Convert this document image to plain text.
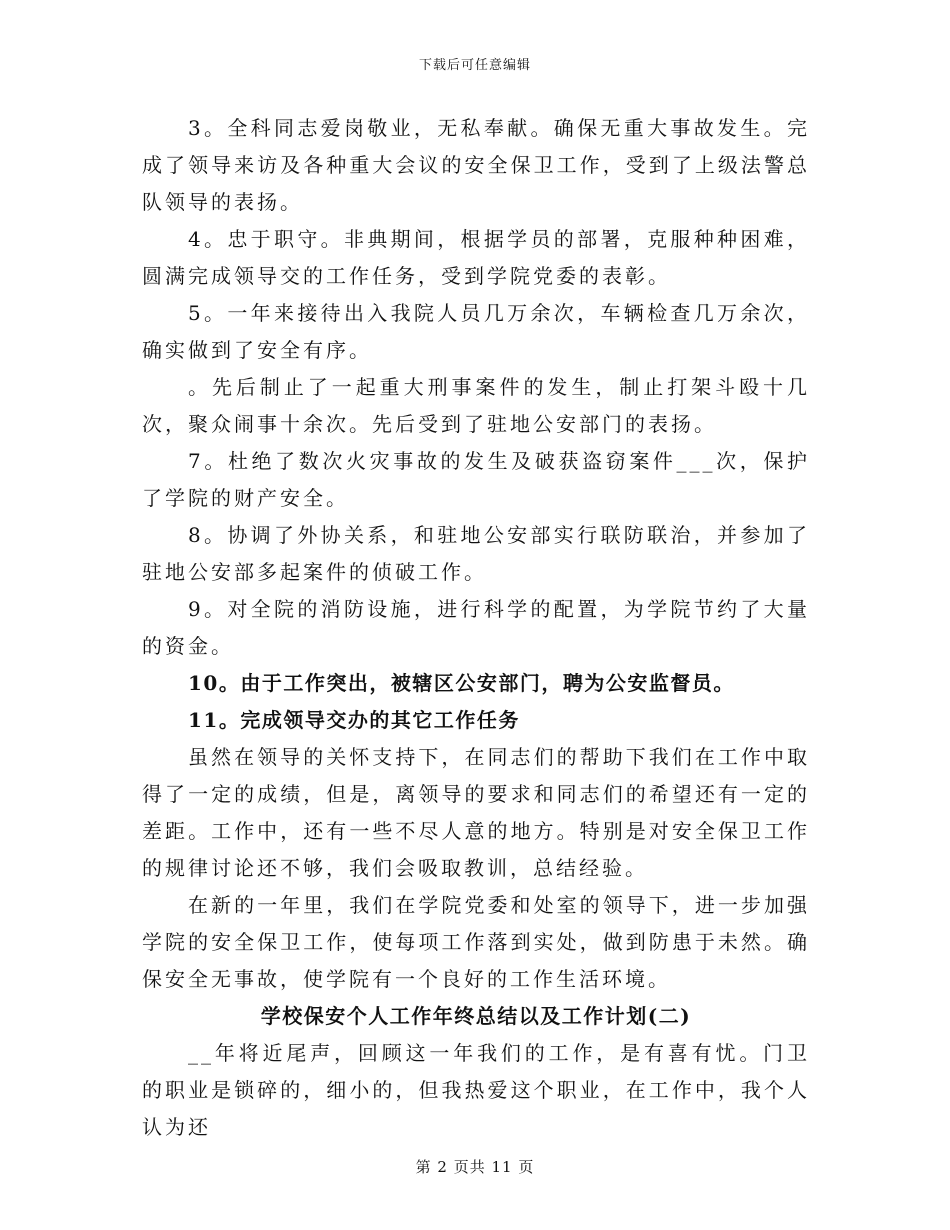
下载后可任意编辑

3。全科同志爱岗敬业，无私奉献。确保无重大事故发生。完成了领导来访及各种重大会议的安全保卫工作，受到了上级法警总队领导的表扬。

4。忠于职守。非典期间，根据学员的部署，克服种种困难，圆满完成领导交的工作任务，受到学院党委的表彰。

5。一年来接待出入我院人员几万余次，车辆检查几万余次，确实做到了安全有序。

。先后制止了一起重大刑事案件的发生，制止打架斗殴十几次，聚众闹事十余次。先后受到了驻地公安部门的表扬。

7。杜绝了数次火灾事故的发生及破获盗窃案件___次，保护了学院的财产安全。

8。协调了外协关系，和驻地公安部实行联防联治，并参加了驻地公安部多起案件的侦破工作。

9。对全院的消防设施，进行科学的配置，为学院节约了大量的资金。

10。由于工作突出，被辖区公安部门，聘为公安监督员。

11。完成领导交办的其它工作任务

虽然在领导的关怀支持下，在同志们的帮助下我们在工作中取得了一定的成绩，但是，离领导的要求和同志们的希望还有一定的差距。工作中，还有一些不尽人意的地方。特别是对安全保卫工作的规律讨论还不够，我们会吸取教训，总结经验。

在新的一年里，我们在学院党委和处室的领导下，进一步加强学院的安全保卫工作，使每项工作落到实处，做到防患于未然。确保安全无事故，使学院有一个良好的工作生活环境。

学校保安个人工作年终总结以及工作计划(二)

__年将近尾声，回顾这一年我们的工作，是有喜有忧。门卫的职业是锁碎的，细小的，但我热爱这个职业，在工作中，我个人认为还

第 2 页共 11 页
